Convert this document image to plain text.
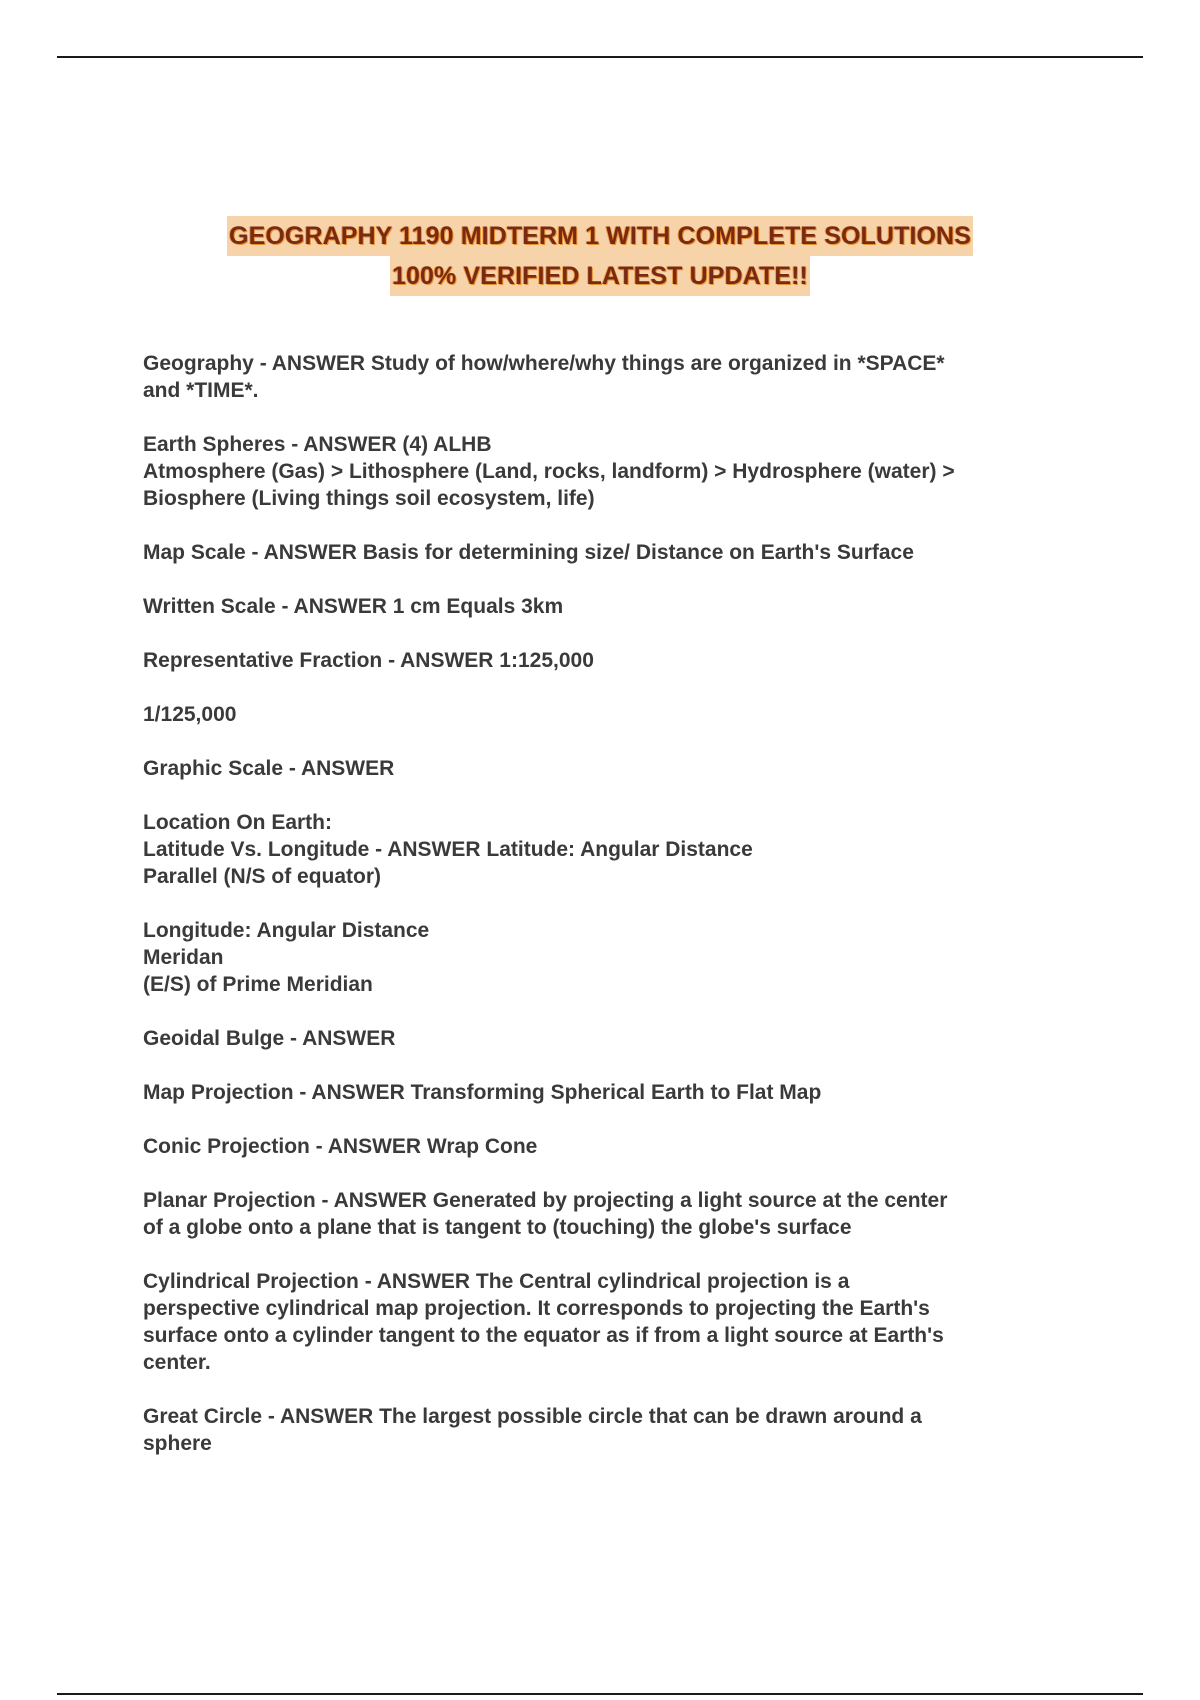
GEOGRAPHY 1190 MIDTERM 1 WITH COMPLETE SOLUTIONS
100% VERIFIED LATEST UPDATE!!
Geography - ANSWER Study of how/where/why things are organized in *SPACE*
and *TIME*.
Earth Spheres - ANSWER (4) ALHB
Atmosphere (Gas) > Lithosphere (Land, rocks, landform) > Hydrosphere (water) >
Biosphere (Living things soil ecosystem, life)
Map Scale - ANSWER Basis for determining size/ Distance on Earth's Surface
Written Scale - ANSWER 1 cm Equals 3km
Representative Fraction - ANSWER 1:125,000
1/125,000
Graphic Scale - ANSWER
Location On Earth:
Latitude Vs. Longitude - ANSWER Latitude: Angular Distance
Parallel (N/S of equator)
Longitude: Angular Distance
Meridan
(E/S) of Prime Meridian
Geoidal Bulge - ANSWER
Map Projection - ANSWER Transforming Spherical Earth to Flat Map
Conic Projection - ANSWER Wrap Cone
Planar Projection - ANSWER Generated by projecting a light source at the center
of a globe onto a plane that is tangent to (touching) the globe's surface
Cylindrical Projection - ANSWER The Central cylindrical projection is a
perspective cylindrical map projection. It corresponds to projecting the Earth's
surface onto a cylinder tangent to the equator as if from a light source at Earth's
center.
Great Circle - ANSWER The largest possible circle that can be drawn around a
sphere
